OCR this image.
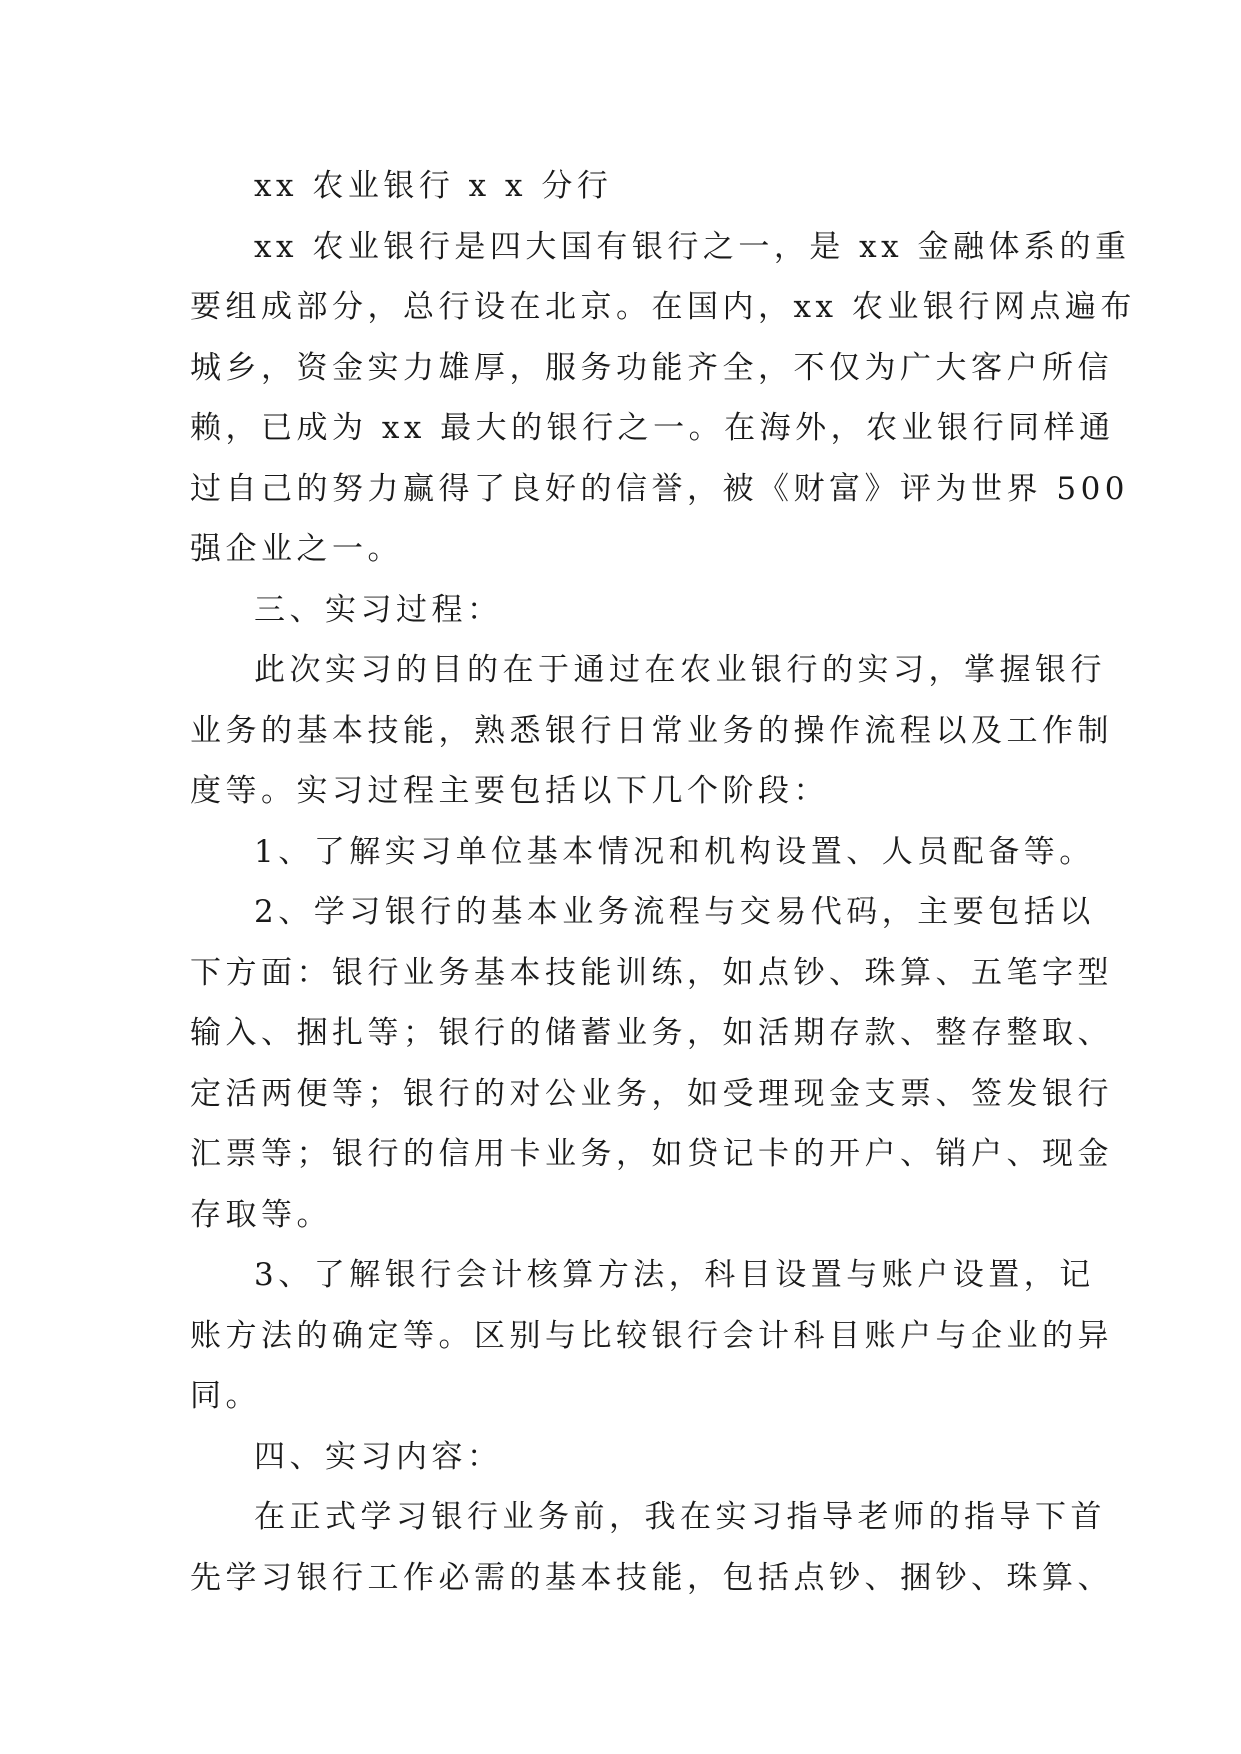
xx 农业银行 x x 分行
xx 农业银行是四大国有银行之一，是 xx 金融体系的重
要组成部分，总行设在北京。在国内，xx 农业银行网点遍布
城乡，资金实力雄厚，服务功能齐全，不仅为广大客户所信
赖，已成为 xx 最大的银行之一。在海外，农业银行同样通
过自己的努力赢得了良好的信誉，被《财富》评为世界 500
强企业之一。
三、实习过程：
此次实习的目的在于通过在农业银行的实习，掌握银行
业务的基本技能，熟悉银行日常业务的操作流程以及工作制
度等。实习过程主要包括以下几个阶段：
1、了解实习单位基本情况和机构设置、人员配备等。
2、学习银行的基本业务流程与交易代码，主要包括以
下方面：银行业务基本技能训练，如点钞、珠算、五笔字型
输入、捆扎等；银行的储蓄业务，如活期存款、整存整取、
定活两便等；银行的对公业务，如受理现金支票、签发银行
汇票等；银行的信用卡业务，如贷记卡的开户、销户、现金
存取等。
3、了解银行会计核算方法，科目设置与账户设置，记
账方法的确定等。区别与比较银行会计科目账户与企业的异
同。
四、实习内容：
在正式学习银行业务前，我在实习指导老师的指导下首
先学习银行工作必需的基本技能，包括点钞、捆钞、珠算、
